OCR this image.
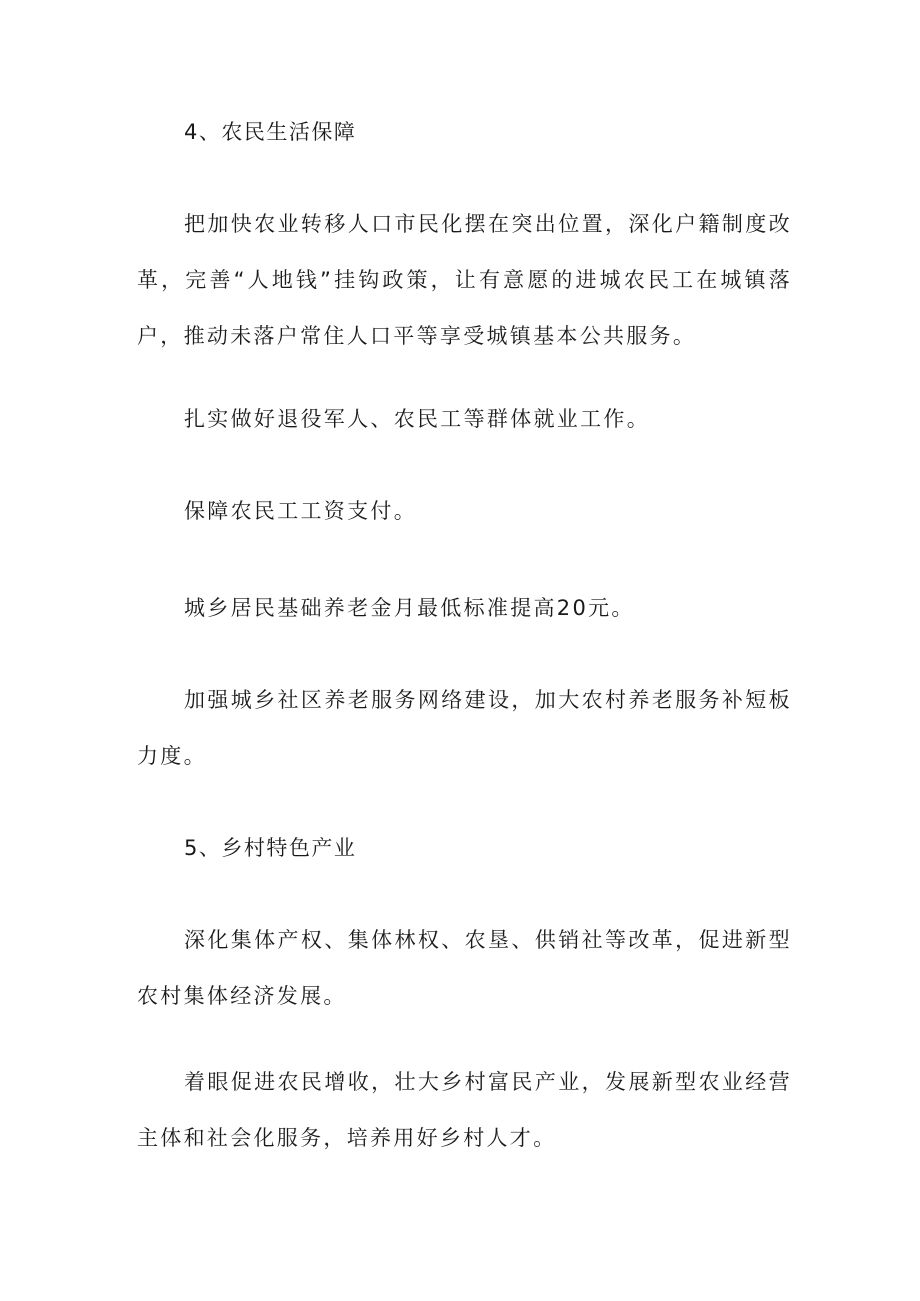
4、农民生活保障
把加快农业转移人口市民化摆在突出位置，深化户籍制度改革，完善“人地钱”挂钩政策，让有意愿的进城农民工在城镇落户，推动未落户常住人口平等享受城镇基本公共服务。
扎实做好退役军人、农民工等群体就业工作。
保障农民工工资支付。
城乡居民基础养老金月最低标准提高20元。
加强城乡社区养老服务网络建设，加大农村养老服务补短板力度。
5、乡村特色产业
深化集体产权、集体林权、农垦、供销社等改革，促进新型农村集体经济发展。
着眼促进农民增收，壮大乡村富民产业，发展新型农业经营主体和社会化服务，培养用好乡村人才。
